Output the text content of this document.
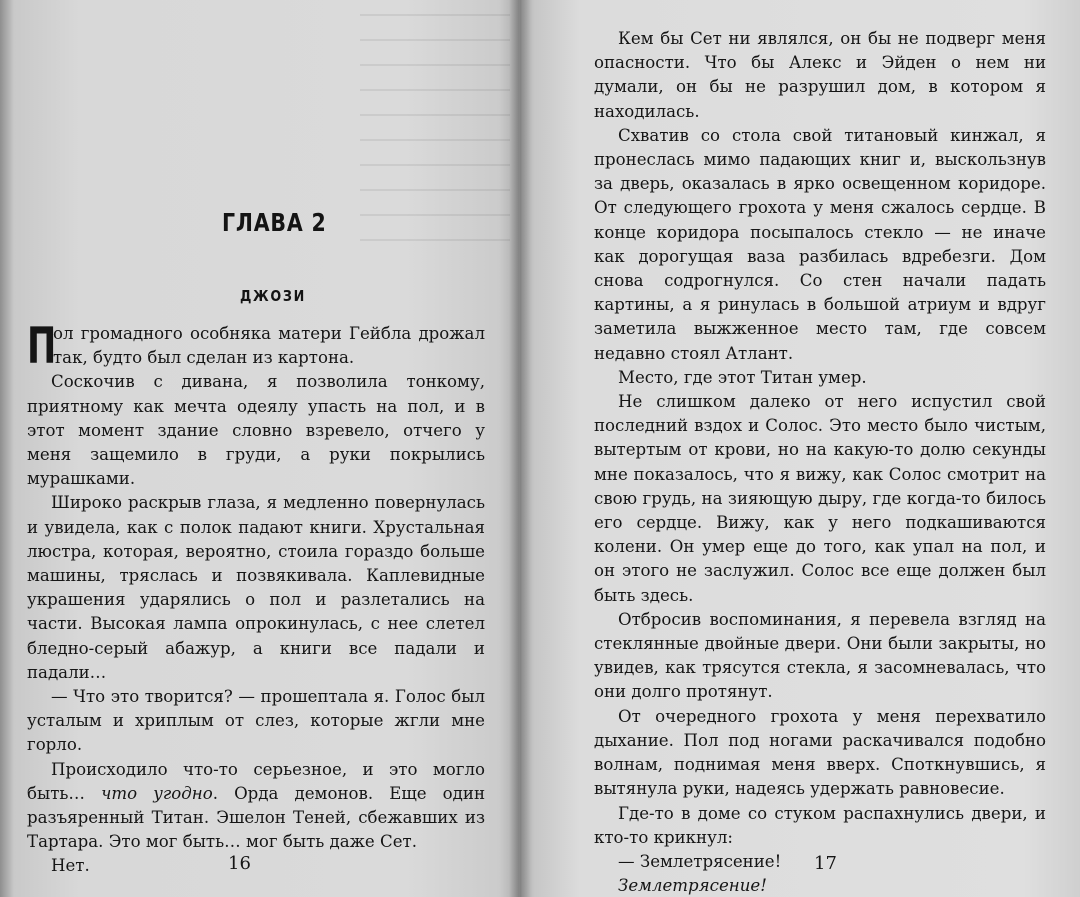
ГЛАВА 2
ДЖОЗИ

П
ол громадного особняка матери Гейбла дрожал так, будто был сделан из картона.

Соскочив с дивана, я позволила тонкому, приятному как мечта одеялу упасть на пол, и в этот момент здание словно взревело, отчего у меня защемило в груди, а руки покрылись мурашками.

Широко раскрыв глаза, я медленно повернулась и увидела, как с полок падают книги. Хрустальная люстра, которая, вероятно, стоила гораздо больше машины, тряслась и позвякивала. Каплевидные украшения ударялись о пол и разлетались на части. Высокая лампа опрокинулась, с нее слетел бледно-серый абажур, а книги все падали и падали…

— Что это творится? — прошептала я. Голос был усталым и хриплым от слез, которые жгли мне горло.

Происходило что-то серьезное, и это могло быть… что угодно. Орда демонов. Еще один разъяренный Титан. Эшелон Теней, сбежавших из Тартара. Это мог быть… мог быть даже Сет.

Нет.	16

Кем бы Сет ни являлся, он бы не подверг меня опасности. Что бы Алекс и Эйден о нем ни думали, он бы не разрушил дом, в котором я находилась.

Схватив со стола свой титановый кинжал, я пронеслась мимо падающих книг и, выскользнув за дверь, оказалась в ярко освещенном коридоре. От следующего грохота у меня сжалось сердце. В конце коридора посыпалось стекло — не иначе как дорогущая ваза разбилась вдребезги. Дом снова содрогнулся. Со стен начали падать картины, а я ринулась в большой атриум и вдруг заметила выжженное место там, где совсем недавно стоял Атлант.

Место, где этот Титан умер.

Не слишком далеко от него испустил свой последний вздох и Солос. Это место было чистым, вытертым от крови, но на какую-то долю секунды мне показалось, что я вижу, как Солос смотрит на свою грудь, на зияющую дыру, где когда-то билось его сердце. Вижу, как у него подкашиваются колени. Он умер еще до того, как упал на пол, и он этого не заслужил. Солос все еще должен был быть здесь.

Отбросив воспоминания, я перевела взгляд на стеклянные двойные двери. Они были закрыты, но увидев, как трясутся стекла, я засомневалась, что они долго протянут.

От очередного грохота у меня перехватило дыхание. Пол под ногами раскачивался подобно волнам, поднимая меня вверх. Споткнувшись, я вытянула руки, надеясь удержать равновесие.

Где-то в доме со стуком распахнулись двери, и кто-то крикнул:

— Землетрясение!

Землетрясение!

17
